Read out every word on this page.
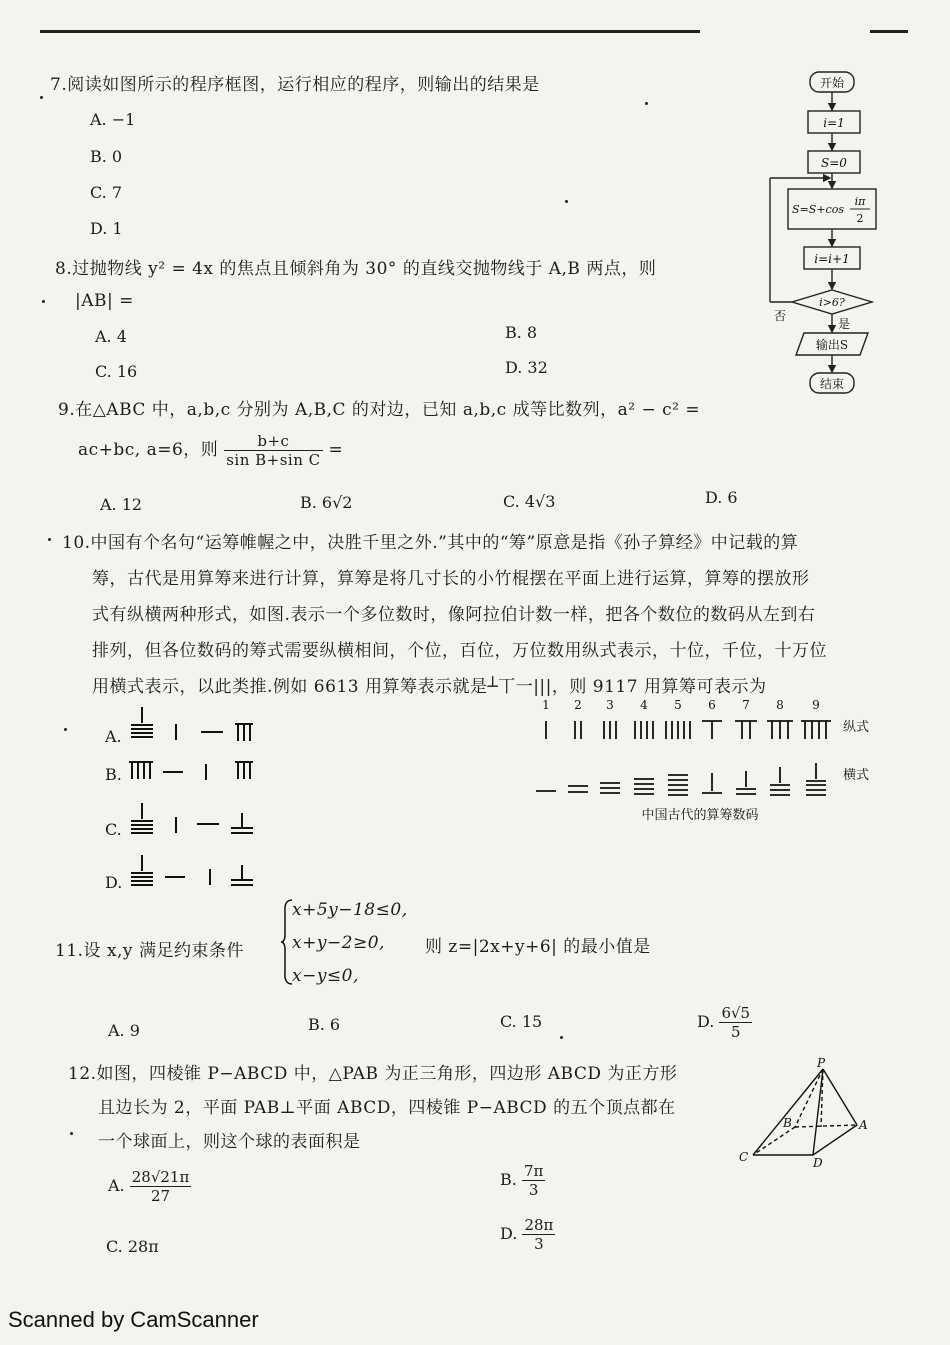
7.阅读如图所示的程序框图，运行相应的程序，则输出的结果是
A. −1
B. 0
C. 7
D. 1
开始
i=1
S=0
S=S+cos
iπ
2
i=i+1
i>6?
否
是
输出S
结束
8.过抛物线 y² = 4x 的焦点且倾斜角为 30° 的直线交抛物线于 A,B 两点，则
|AB| =
A. 4	B. 8
C. 16	D. 32
9.在△ABC 中，a,b,c 分别为 A,B,C 的对边，已知 a,b,c 成等比数列，a² − c² =
ac+bc, a=6，则 $\frac{b+c}{\text{sin B+sin C}}$ =
A. 12	B. 6√2	C. 4√3	D. 6
10.中国有个名句“运筹帷幄之中，决胜千里之外.”其中的“筹”原意是指《孙子算经》中记载的算
筹，古代是用算筹来进行计算，算筹是将几寸长的小竹棍摆在平面上进行运算，算筹的摆放形
式有纵横两种形式，如图.表示一个多位数时，像阿拉伯计数一样，把各个数位的数码从左到右
排列，但各位数码的筹式需要纵横相间，个位，百位，万位数用纵式表示，十位，千位，十万位
用横式表示，以此类推.例如 6613 用算筹表示就是┴丅一|||，则 9117 用算筹可表示为
A.
B.
C.
D.
1 2 3 4 5 6 7 8 9
纵式
横式
中国古代的算筹数码
11.设 x,y 满足约束条件
x+5y−18≤0,
x+y−2≥0,
x−y≤0,
则 z=|2x+y+6| 的最小值是
A. 9	B. 6	C. 15	D. $\frac{6√5}{5}$
12.如图，四棱锥 P−ABCD 中，△PAB 为正三角形，四边形 ABCD 为正方形
且边长为 2，平面 PAB⊥平面 ABCD，四棱锥 P−ABCD 的五个顶点都在
一个球面上，则这个球的表面积是
A. $\frac{28√21\pi}{27}$	B. $\frac{7\pi}{3}$
C. 28π
D. $\frac{28\pi}{3}$
P
A
B
C	D
Scanned by CamScanner
